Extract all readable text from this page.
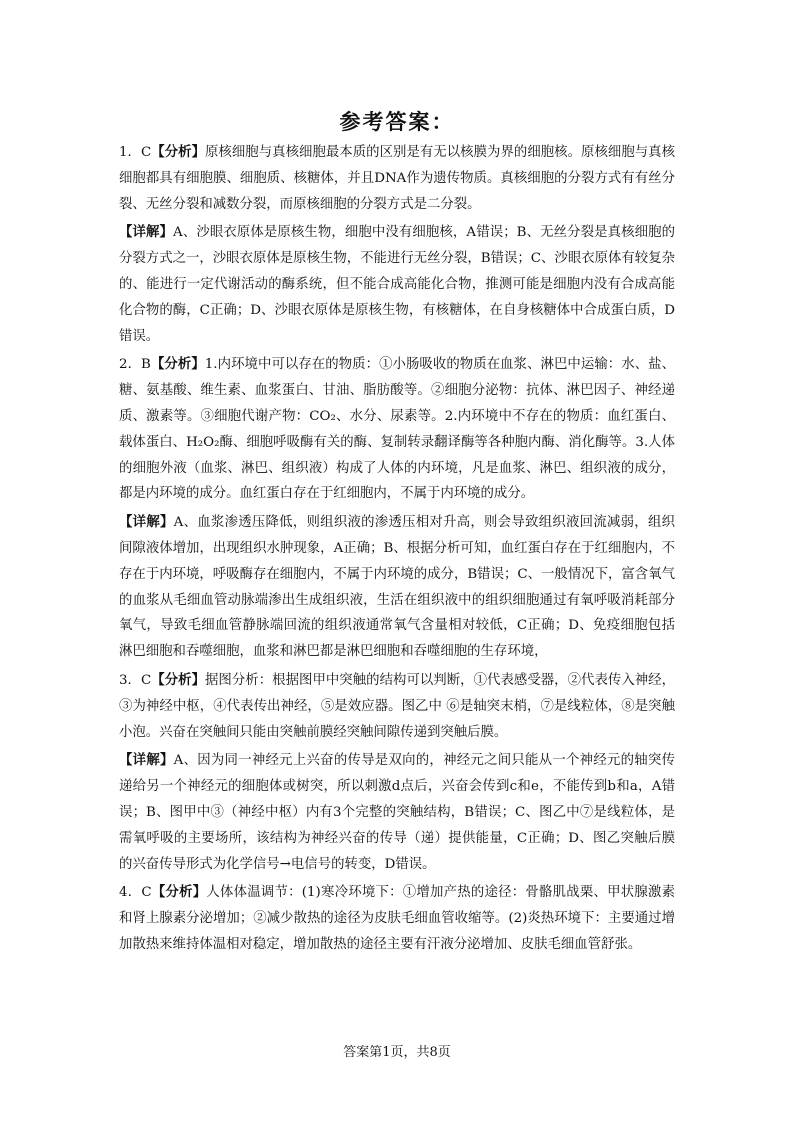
参考答案：

1．C【分析】原核细胞与真核细胞最本质的区别是有无以核膜为界的细胞核。原核细胞与真核细胞都具有细胞膜、细胞质、核糖体，并且DNA作为遗传物质。真核细胞的分裂方式有有丝分裂、无丝分裂和减数分裂，而原核细胞的分裂方式是二分裂。

【详解】A、沙眼衣原体是原核生物，细胞中没有细胞核，A错误；B、无丝分裂是真核细胞的分裂方式之一，沙眼衣原体是原核生物，不能进行无丝分裂，B错误；C、沙眼衣原体有较复杂的、能进行一定代谢活动的酶系统，但不能合成高能化合物，推测可能是细胞内没有合成高能化合物的酶，C正确；D、沙眼衣原体是原核生物，有核糖体，在自身核糖体中合成蛋白质，D错误。

2．B【分析】1.内环境中可以存在的物质：①小肠吸收的物质在血浆、淋巴中运输：水、盐、糖、氨基酸、维生素、血浆蛋白、甘油、脂肪酸等。②细胞分泌物：抗体、淋巴因子、神经递质、激素等。③细胞代谢产物：CO₂、水分、尿素等。2.内环境中不存在的物质：血红蛋白、载体蛋白、H₂O₂酶、细胞呼吸酶有关的酶、复制转录翻译酶等各种胞内酶、消化酶等。3.人体的细胞外液（血浆、淋巴、组织液）构成了人体的内环境，凡是血浆、淋巴、组织液的成分，都是内环境的成分。血红蛋白存在于红细胞内，不属于内环境的成分。

【详解】A、血浆渗透压降低，则组织液的渗透压相对升高，则会导致组织液回流减弱，组织间隙液体增加，出现组织水肿现象，A正确；B、根据分析可知，血红蛋白存在于红细胞内，不存在于内环境，呼吸酶存在细胞内，不属于内环境的成分，B错误；C、一般情况下，富含氧气的血浆从毛细血管动脉端渗出生成组织液，生活在组织液中的组织细胞通过有氧呼吸消耗部分氧气，导致毛细血管静脉端回流的组织液通常氧气含量相对较低，C正确；D、免疫细胞包括淋巴细胞和吞噬细胞，血浆和淋巴都是淋巴细胞和吞噬细胞的生存环境，

3．C【分析】据图分析：根据图甲中突触的结构可以判断，①代表感受器，②代表传入神经，③为神经中枢，④代表传出神经，⑤是效应器。图乙中 ⑥是轴突末梢，⑦是线粒体，⑧是突触小泡。兴奋在突触间只能由突触前膜经突触间隙传递到突触后膜。

【详解】A、因为同一神经元上兴奋的传导是双向的，神经元之间只能从一个神经元的轴突传递给另一个神经元的细胞体或树突，所以刺激d点后，兴奋会传到c和e，不能传到b和a，A错误；B、图甲中③（神经中枢）内有3个完整的突触结构，B错误；C、图乙中⑦是线粒体，是需氧呼吸的主要场所，该结构为神经兴奋的传导（递）提供能量，C正确；D、图乙突触后膜的兴奋传导形式为化学信号→电信号的转变，D错误。

4．C【分析】人体体温调节：(1)寒冷环境下：①增加产热的途径：骨骼肌战栗、甲状腺激素和肾上腺素分泌增加；②减少散热的途径为皮肤毛细血管收缩等。(2)炎热环境下：主要通过增加散热来维持体温相对稳定，增加散热的途径主要有汗液分泌增加、皮肤毛细血管舒张。

答案第1页，共8页
